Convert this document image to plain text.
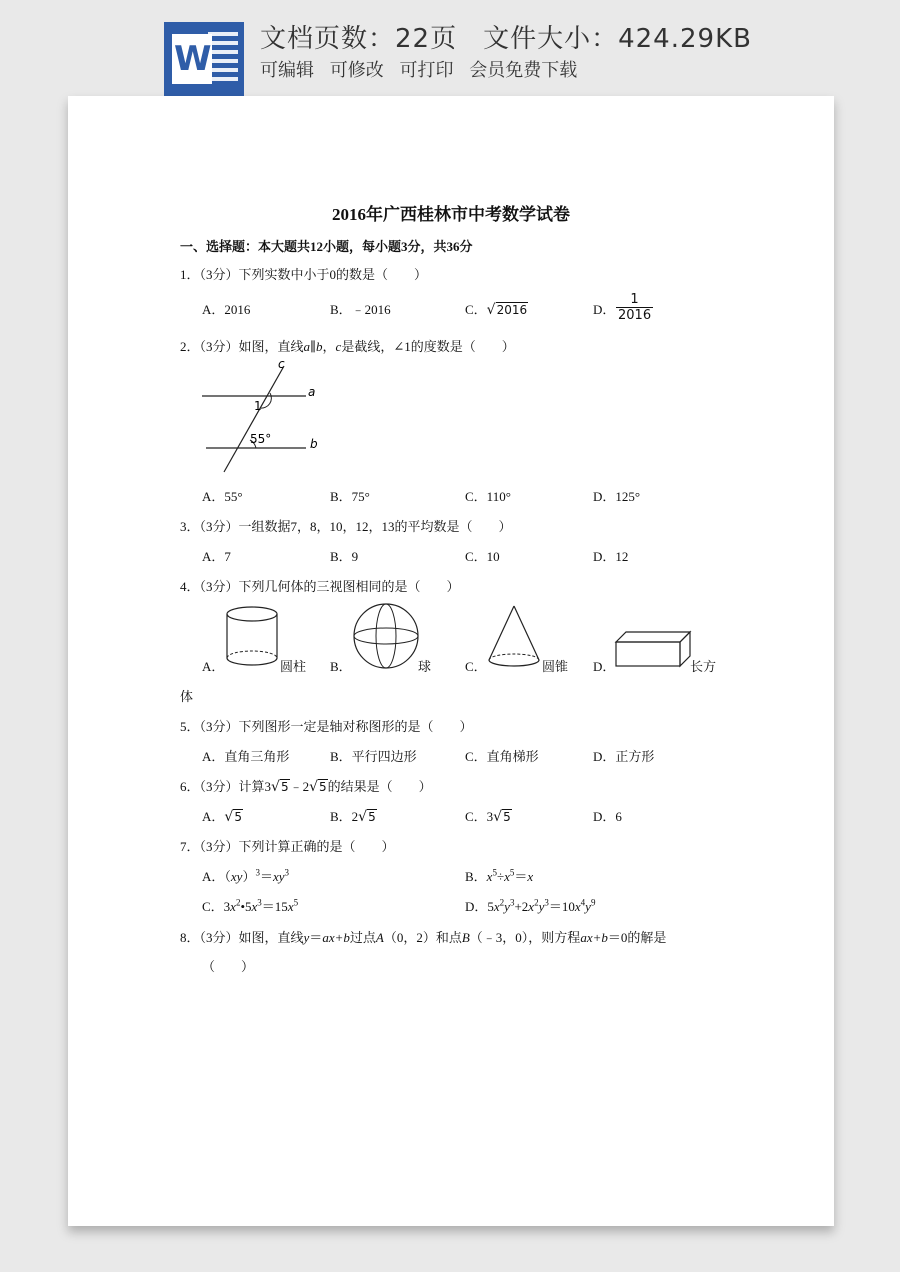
W 文档页数：22页 文件大小：424.29KB
可编辑 可修改 可打印 会员免费下载
2016年广西桂林市中考数学试卷
一、选择题：本大题共12小题，每小题3分，共36分
1．（3分）下列实数中小于0的数是（　　）
A．2016	B．﹣2016	C．√2016	D． $\frac{1}{2016}$
2．（3分）如图，直线a∥b，c是截线，∠1的度数是（　　）
c
a
b
1
55°
A．55°	B．75°	C．110°	D．125°
3．（3分）一组数据7，8，10，12，13的平均数是（　　）
A．7	B．9	C．10	D．12
4．（3分）下列几何体的三视图相同的是（　　）
A．	圆柱 B．	球	C．	圆锥 D．	长方
体
5．（3分）下列图形一定是轴对称图形的是（　　）
A．直角三角形	B．平行四边形	C．直角梯形	D．正方形
6．（3分）计算3√5﹣2√5的结果是（　　）
A．√5	B．2√5	C．3√5	D．6
7．（3分）下列计算正确的是（　　）
A．$(xy)^3=xy^3$	B．$x^5\div x^5=x$
C．$3x^2•5x^3=15x^5$	D．$5x^2y^3+2x^2y^3=10x^4y^9$
8．（3分）如图，直线y＝ax+b过点A（0，2）和点B（﹣3，0），则方程ax+b＝0的解是
（　　）
